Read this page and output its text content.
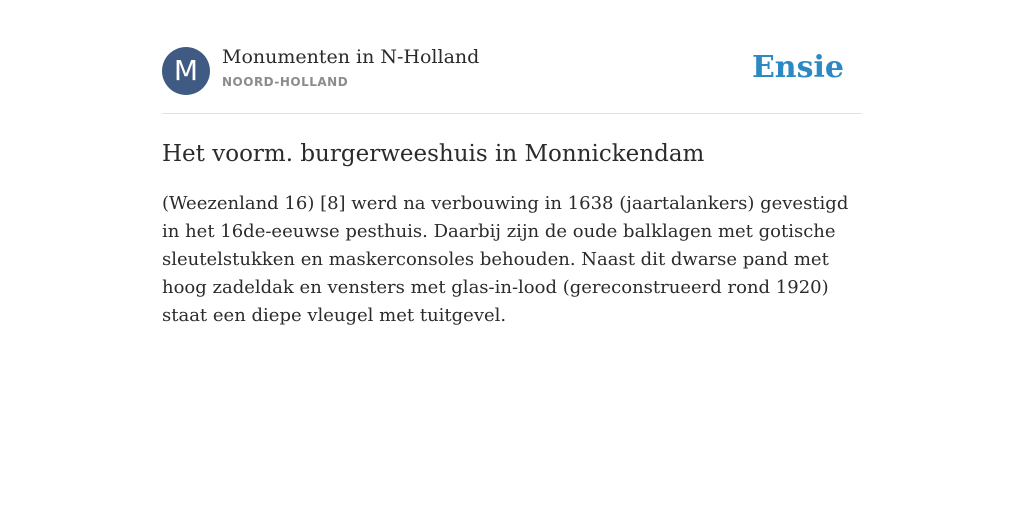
M	Monumenten in N-Holland
NOORD-HOLLAND	Ensie
Het voorm. burgerweeshuis in Monnickendam

(Weezenland 16) [8] werd na verbouwing in 1638 (jaartalankers) gevestigd in het 16de-eeuwse pesthuis. Daarbij zijn de oude balklagen met gotische sleutelstukken en maskerconsoles behouden. Naast dit dwarse pand met hoog zadeldak en vensters met glas-in-lood (gereconstrueerd rond 1920) staat een diepe vleugel met tuitgevel.
